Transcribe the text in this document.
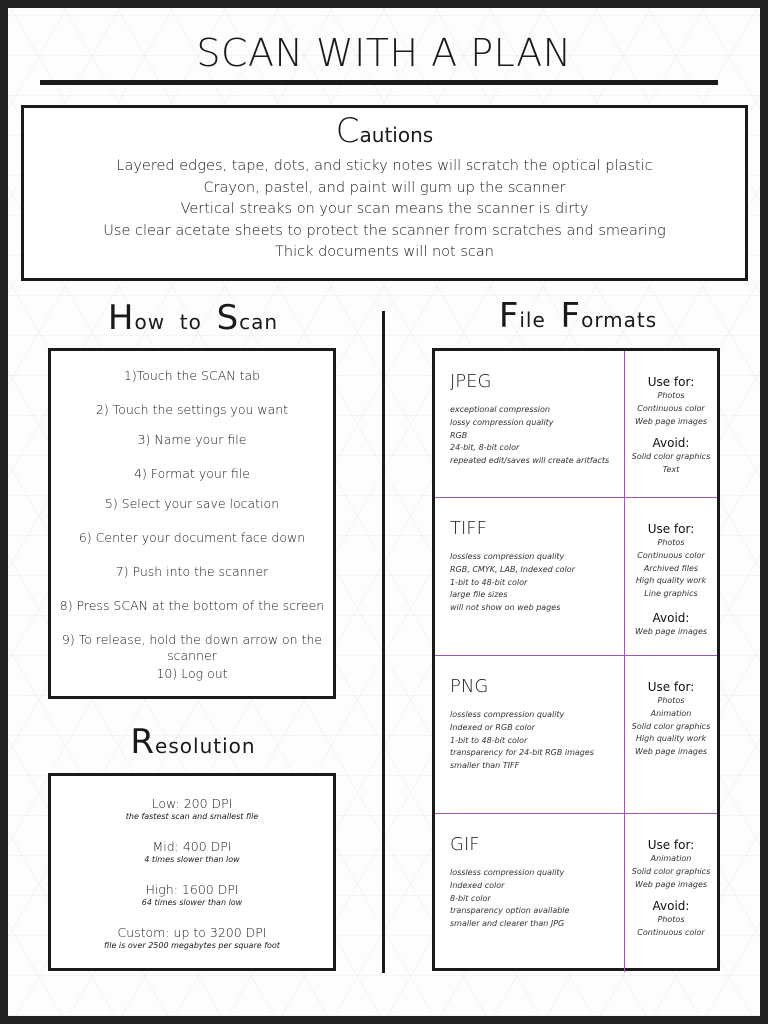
SCAN WITH A PLAN
Cautions
Layered edges, tape, dots, and sticky notes will scratch the optical plastic
Crayon, pastel, and paint will gum up the scanner
Vertical streaks on your scan means the scanner is dirty
Use clear acetate sheets to protect the scanner from scratches and smearing
Thick documents will not scan
How  to  Scan	File  Formats
1)Touch the SCAN tab
2) Touch the settings you want
3) Name your file
4) Format your file
5) Select your save location
6) Center your document face down
7) Push into the scanner
8) Press SCAN at the bottom of the screen
9) To release, hold the down arrow on the scanner
10) Log out
Resolution
Low: 200 DPI
the fastest scan and smallest file
Mid: 400 DPI
4 times slower than low
High: 1600 DPI
64 times slower than low
Custom: up to 3200 DPI
file is over 2500 megabytes per square foot
JPEG
exceptional compression
lossy compression quality
RGB
24-bit, 8-bit color
repeated edit/saves will create aritfacts
Use for:
Photos
Continuous color
Web page images
Avoid:
Solid color graphics
Text
TIFF
lossless compression quality
RGB, CMYK, LAB, Indexed color
1-bit to 48-bit color
large file sizes
will not show on web pages
Use for:
Photos
Continuous color
Archived files
High quality work
Line graphics
Avoid:
Web page images
PNG
lossless compression quality
Indexed or RGB color
1-bit to 48-bit color
transparency for 24-bit RGB images
smaller than TIFF
Use for:
Photos
Animation
Solid color graphics
High quality work
Web page images
GIF
lossless compression quality
Indexed color
8-bit color
transparency option available
smaller and clearer than JPG
Use for:
Animation
Solid color graphics
Web page images
Avoid:
Photos
Continuous color
